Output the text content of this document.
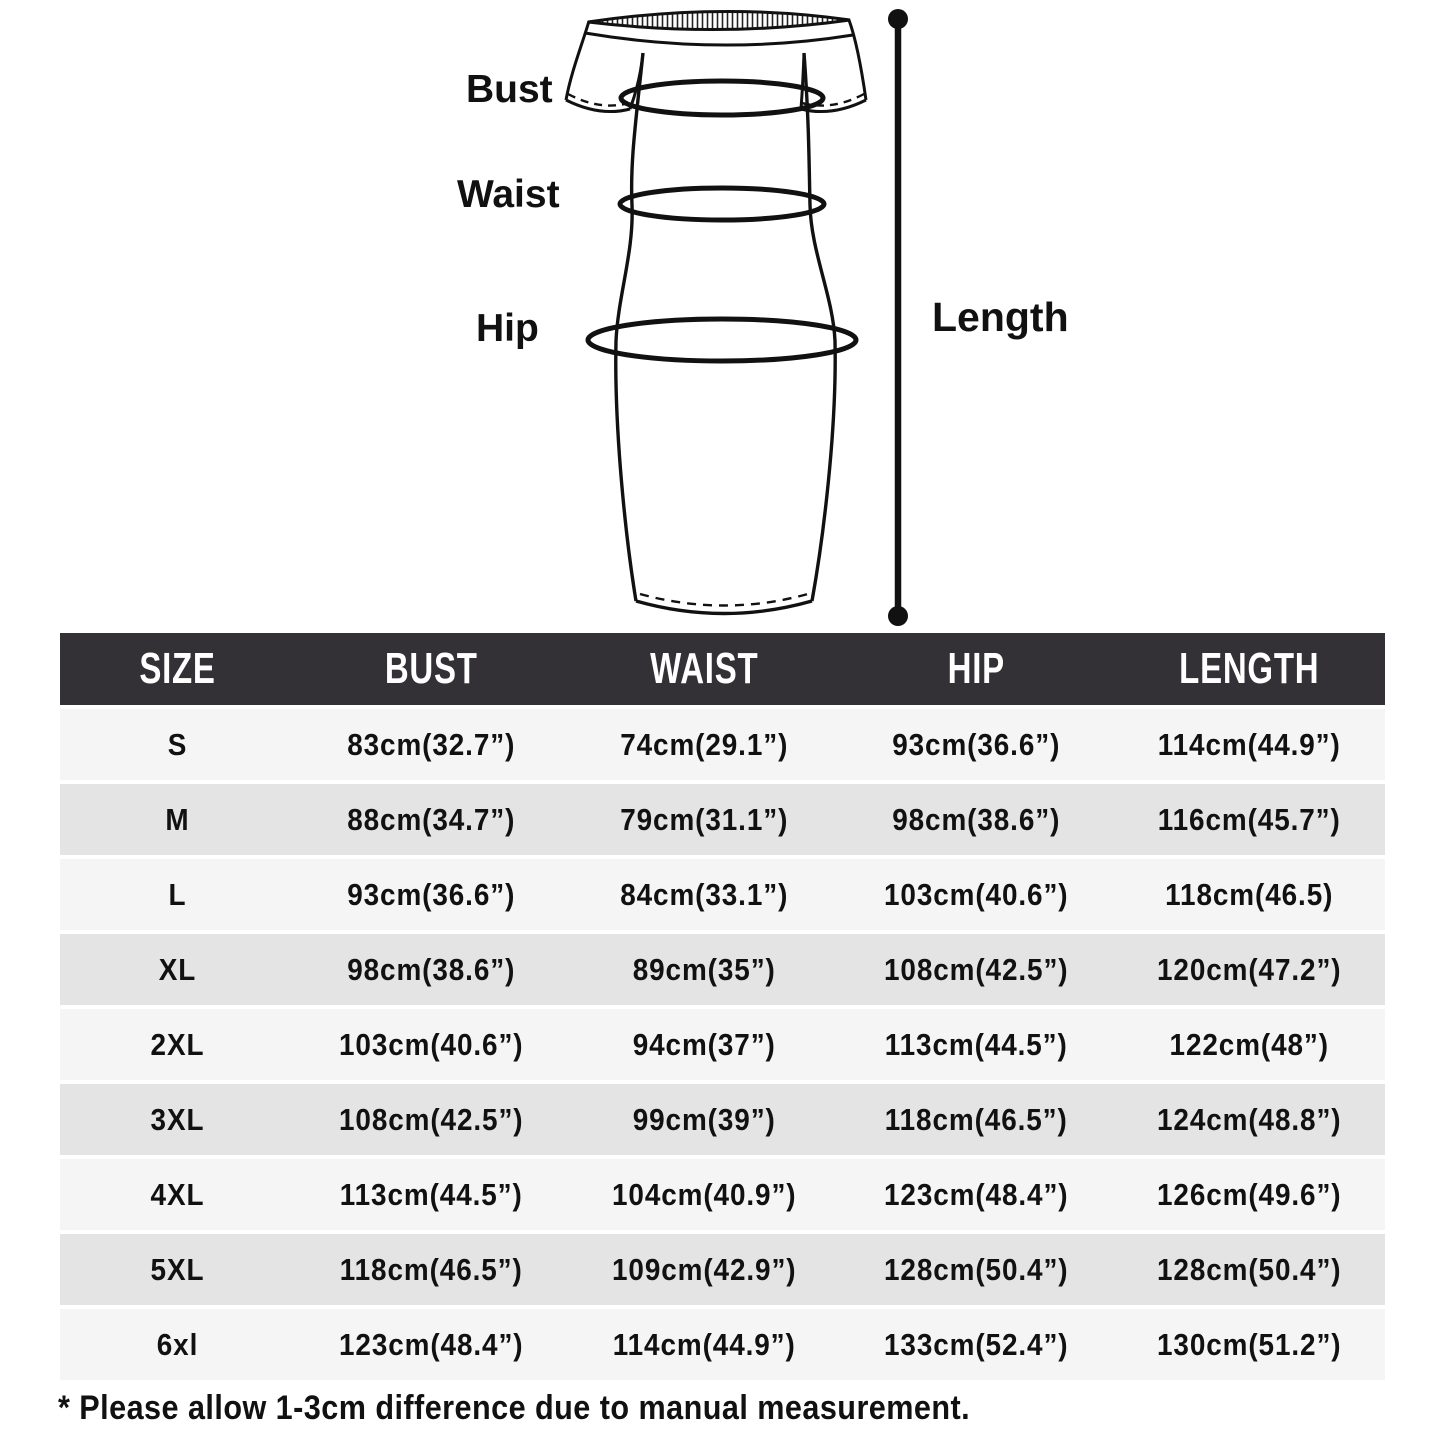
Bust
Waist
Hip	Length
SIZE	BUST	WAIST	HIP	LENGTH
S	83cm(32.7”)	74cm(29.1”)	93cm(36.6”)	114cm(44.9”)
M	88cm(34.7”)	79cm(31.1”)	98cm(38.6”)	116cm(45.7”)
L	93cm(36.6”)	84cm(33.1”)	103cm(40.6”)	118cm(46.5)
XL	98cm(38.6”)	89cm(35”)	108cm(42.5”)	120cm(47.2”)
2XL	103cm(40.6”)	94cm(37”)	113cm(44.5”)	122cm(48”)
3XL	108cm(42.5”)	99cm(39”)	118cm(46.5”)	124cm(48.8”)
4XL	113cm(44.5”)	104cm(40.9”)	123cm(48.4”)	126cm(49.6”)
5XL	118cm(46.5”)	109cm(42.9”)	128cm(50.4”)	128cm(50.4”)
6xl	123cm(48.4”)	114cm(44.9”)	133cm(52.4”)	130cm(51.2”)
* Please allow 1-3cm difference due to manual measurement.
